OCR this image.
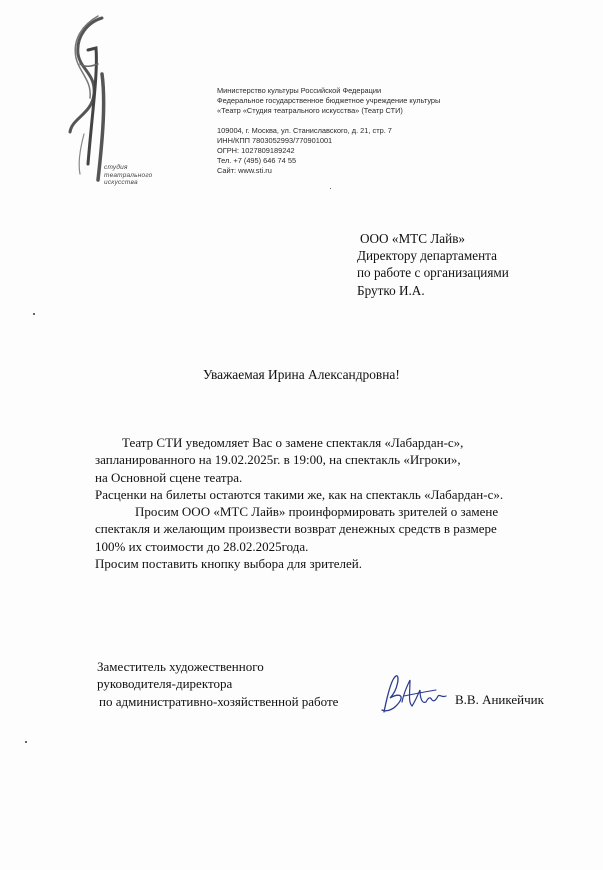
студия
театрального
искусства
Министерство культуры Российской Федерации
Федеральное государственное бюджетное учреждение культуры
«Театр «Студия театрального искусства» (Театр СТИ)
109004, г. Москва, ул. Станиславского, д. 21, стр. 7
ИНН/КПП 7803052993/770901001
ОГРН: 1027809189242
Тел. +7 (495) 646 74 55
Сайт: www.sti.ru
ООО «МТС Лайв»
Директору департамента
по работе с организациями
Брутко И.А.
Уважаемая Ирина Александровна!
Театр СТИ уведомляет Вас о замене спектакля «Лабардан-с»,
запланированного на 19.02.2025г. в 19:00, на спектакль «Игроки»,
на Основной сцене театра.
Расценки на билеты остаются такими же, как на спектакль «Лабардан-с».
Просим ООО «МТС Лайв» проинформировать зрителей о замене
спектакля и желающим произвести возврат денежных средств в размере
100% их стоимости до 28.02.2025года.
Просим поставить кнопку выбора для зрителей.
Заместитель художественного
руководителя-директора
по административно-хозяйственной работе	В.В. Аникейчик
